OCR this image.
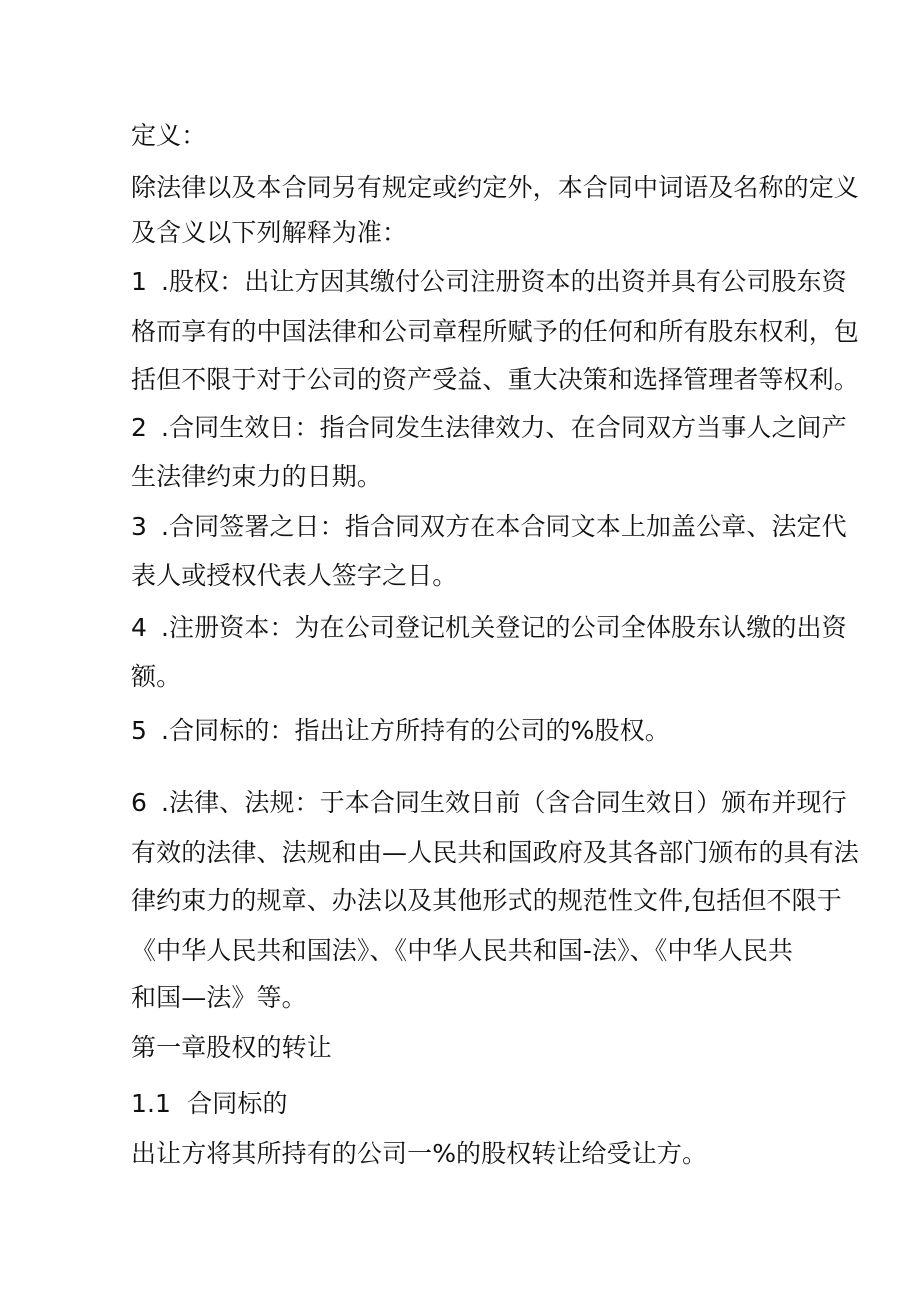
定义：
除法律以及本合同另有规定或约定外，本合同中词语及名称的定义
及含义以下列解释为准：
1 .股权：出让方因其缴付公司注册资本的出资并具有公司股东资
格而享有的中国法律和公司章程所赋予的任何和所有股东权利，包
括但不限于对于公司的资产受益、重大决策和选择管理者等权利。
2 .合同生效日：指合同发生法律效力、在合同双方当事人之间产
生法律约束力的日期。
3 .合同签署之日：指合同双方在本合同文本上加盖公章、法定代
表人或授权代表人签字之日。
4 .注册资本：为在公司登记机关登记的公司全体股东认缴的出资
额。
5 .合同标的：指出让方所持有的公司的%股权。
6 .法律、法规：于本合同生效日前（含合同生效日）颁布并现行
有效的法律、法规和由—人民共和国政府及其各部门颁布的具有法
律约束力的规章、办法以及其他形式的规范性文件,包括但不限于
《中华人民共和国法》、《中华人民共和国-法》、《中华人民共
和国—法》等。
第一章股权的转让
1.1 合同标的
出让方将其所持有的公司一%的股权转让给受让方。
